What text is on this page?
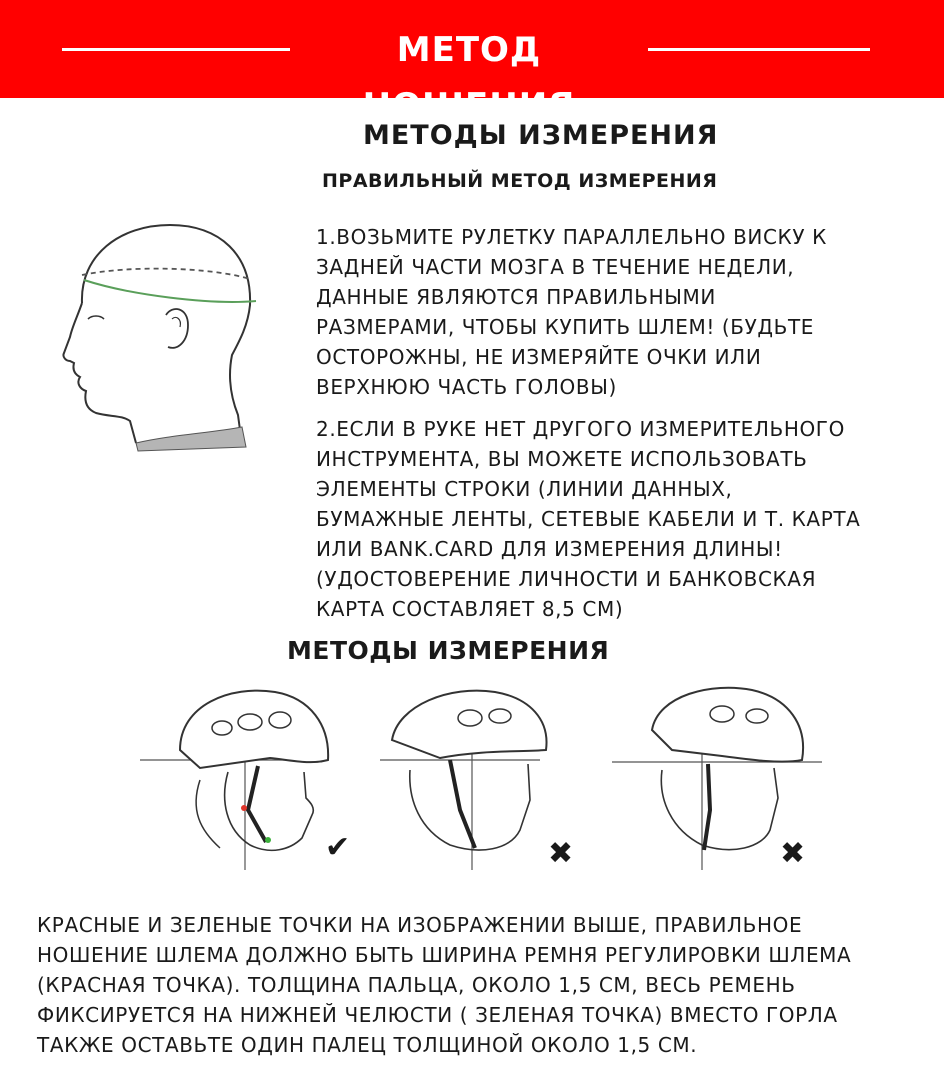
МЕТОД НОШЕНИЯ
МЕТОДЫ ИЗМЕРЕНИЯ
ПРАВИЛЬНЫЙ МЕТОД ИЗМЕРЕНИЯ
1.ВОЗЬМИТЕ РУЛЕТКУ ПАРАЛЛЕЛЬНО ВИСКУ К
ЗАДНЕЙ ЧАСТИ МОЗГА В ТЕЧЕНИЕ НЕДЕЛИ,
ДАННЫЕ ЯВЛЯЮТСЯ ПРАВИЛЬНЫМИ
РАЗМЕРАМИ, ЧТОБЫ КУПИТЬ ШЛЕМ! (БУДЬТЕ
ОСТОРОЖНЫ, НЕ ИЗМЕРЯЙТЕ ОЧКИ ИЛИ
ВЕРХНЮЮ ЧАСТЬ ГОЛОВЫ)
2.ЕСЛИ В РУКЕ НЕТ ДРУГОГО ИЗМЕРИТЕЛЬНОГО
ИНСТРУМЕНТА, ВЫ МОЖЕТЕ ИСПОЛЬЗОВАТЬ
ЭЛЕМЕНТЫ СТРОКИ (ЛИНИИ ДАННЫХ,
БУМАЖНЫЕ ЛЕНТЫ, СЕТЕВЫЕ КАБЕЛИ И Т. КАРТА
ИЛИ BANK.CARD ДЛЯ ИЗМЕРЕНИЯ ДЛИНЫ!
(УДОСТОВЕРЕНИЕ ЛИЧНОСТИ И БАНКОВСКАЯ
КАРТА СОСТАВЛЯЕТ 8,5 СМ)
МЕТОДЫ ИЗМЕРЕНИЯ
✔	✖	✖
КРАСНЫЕ И ЗЕЛЕНЫЕ ТОЧКИ НА ИЗОБРАЖЕНИИ ВЫШЕ, ПРАВИЛЬНОЕ
НОШЕНИЕ ШЛЕМА ДОЛЖНО БЫТЬ ШИРИНА РЕМНЯ РЕГУЛИРОВКИ ШЛЕМА
(КРАСНАЯ ТОЧКА). ТОЛЩИНА ПАЛЬЦА, ОКОЛО 1,5 СМ, ВЕСЬ РЕМЕНЬ
ФИКСИРУЕТСЯ НА НИЖНЕЙ ЧЕЛЮСТИ ( ЗЕЛЕНАЯ ТОЧКА) ВМЕСТО ГОРЛА
ТАКЖЕ ОСТАВЬТЕ ОДИН ПАЛЕЦ ТОЛЩИНОЙ ОКОЛО 1,5 СМ.
